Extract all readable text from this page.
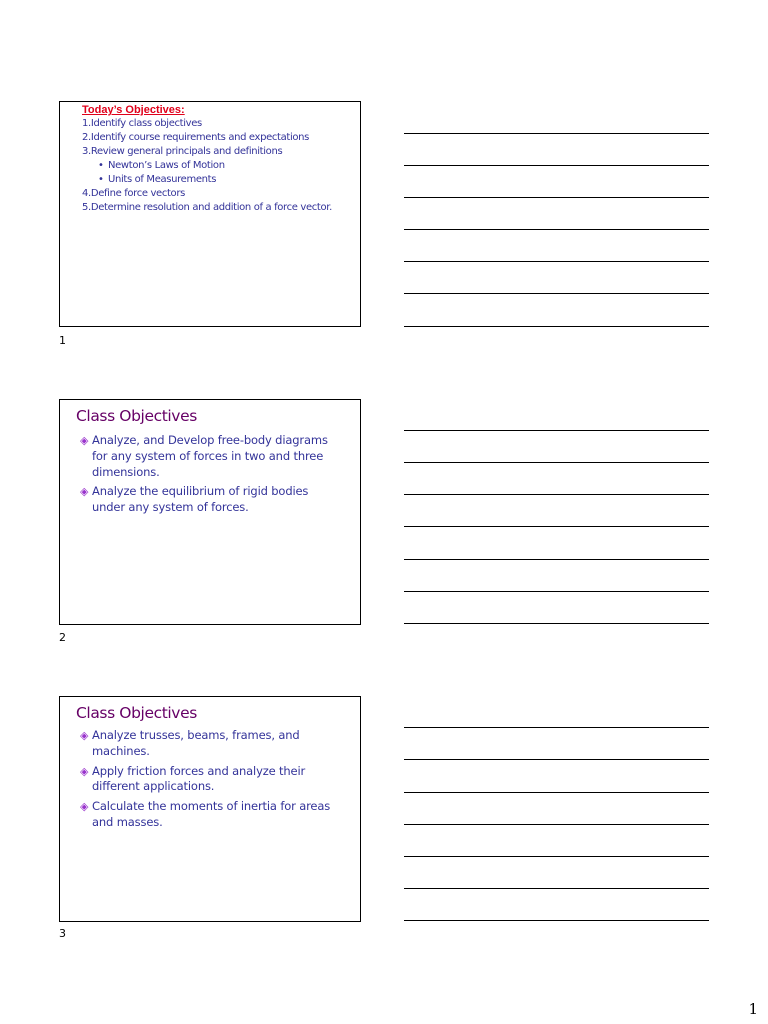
Today’s Objectives:
1.Identify class objectives
2.Identify course requirements and expectations
3.Review general principals and definitions
• Newton’s Laws of Motion
• Units of Measurements
4.Define force vectors
5.Determine resolution and addition of a force vector.
1
Class Objectives
◈ Analyze, and Develop free-body diagrams for any system of forces in two and three dimensions.
◈ Analyze the equilibrium of rigid bodies under any system of forces.
2
Class Objectives
◈ Analyze trusses, beams, frames, and machines.
◈ Apply friction forces and analyze their different applications.
◈ Calculate the moments of inertia for areas and masses.
3
1
